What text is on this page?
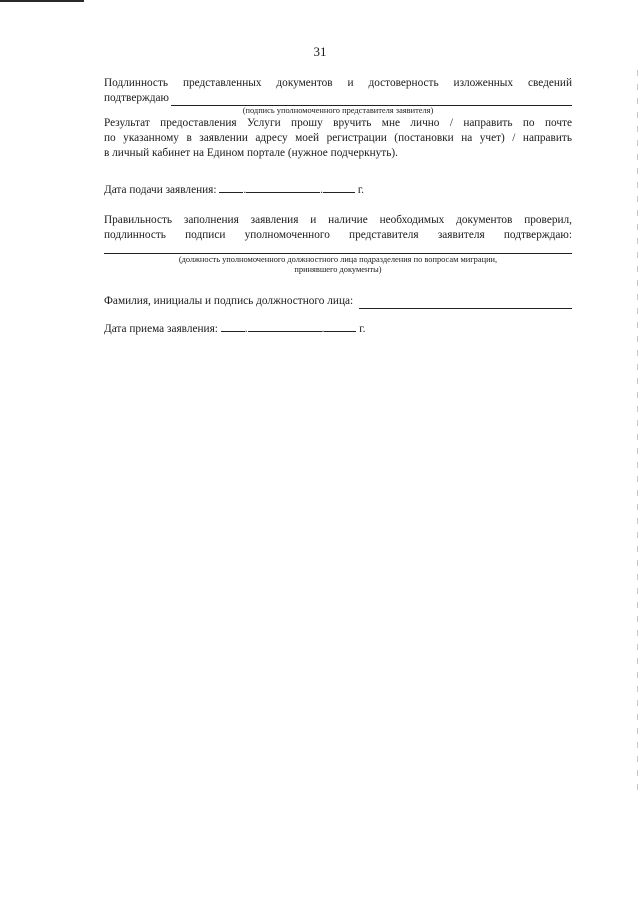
31
Подлинность представленных документов и достоверность изложенных сведений
подтверждаю
(подпись уполномоченного представителя заявителя)
Результат предоставления Услуги прошу вручить мне лично / направить по почте
по указанному в заявлении адресу моей регистрации (постановки на учет) / направить
в личный кабинет на Едином портале (нужное подчеркнуть).
Дата подачи заявления: .	.	г.
Правильность заполнения заявления и наличие необходимых документов проверил,
подлинность подписи уполномоченного представителя заявителя подтверждаю:
(должность уполномоченного должностного лица подразделения по вопросам миграции,
принявшего документы)
Фамилия, инициалы и подпись должностного лица:
Дата приема заявления: .	.	г.
